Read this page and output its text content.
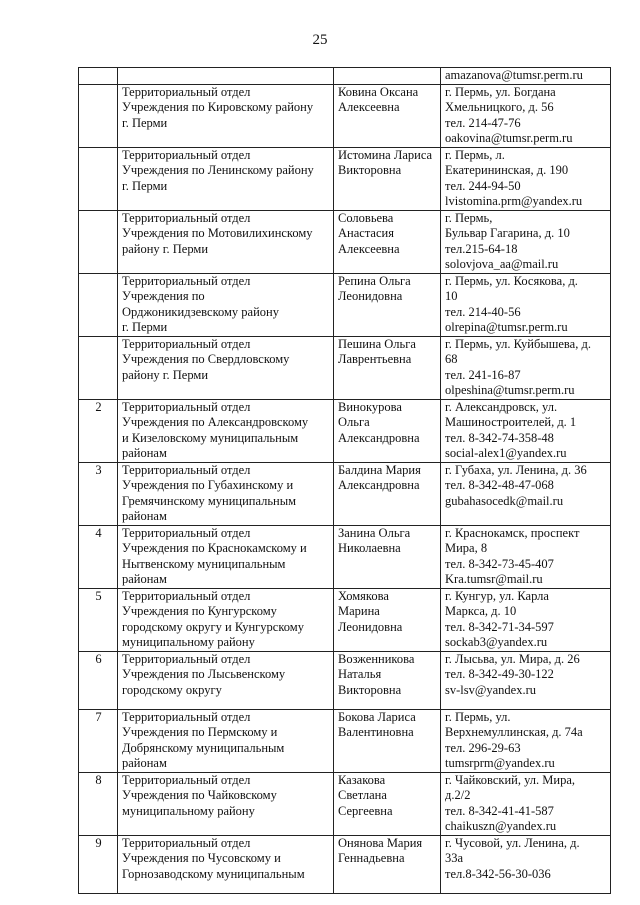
25

			amazanova@tumsr.perm.ru

	Территориальный отдел
Учреждения по Кировскому району
г. Перми	Ковина Оксана
Алексеевна	г. Пермь, ул. Богдана
Хмельницкого, д. 56
тел. 214-47-76
oakovina@tumsr.perm.ru

	Территориальный отдел
Учреждения по Ленинскому району
г. Перми	Истомина Лариса
Викторовна	г. Пермь, л.
Екатерининская, д. 190
тел. 244-94-50
lvistomina.prm@yandex.ru

	Территориальный отдел
Учреждения по Мотовилихинскому
району г. Перми	Соловьева
Анастасия
Алексеевна	г. Пермь,
Бульвар Гагарина, д. 10
тел.215-64-18
solovjova_aa@mail.ru

	Территориальный отдел
Учреждения по
Орджоникидзевскому району
г. Перми	Репина Ольга
Леонидовна	г. Пермь, ул. Косякова, д.
10
тел. 214-40-56
olrepina@tumsr.perm.ru

	Территориальный отдел
Учреждения по Свердловскому
району г. Перми	Пешина Ольга
Лаврентьевна	г. Пермь, ул. Куйбышева, д.
68
тел. 241-16-87
olpeshina@tumsr.perm.ru

2	Территориальный отдел
Учреждения по Александровскому
и Кизеловскому муниципальным
районам	Винокурова
Ольга
Александровна	г. Александровск, ул.
Машиностроителей, д. 1
тел. 8-342-74-358-48
social-alex1@yandex.ru

3	Территориальный отдел
Учреждения по Губахинскому и
Гремячинскому муниципальным
районам	Балдина Мария
Александровна	г. Губаха, ул. Ленина, д. 36
тел. 8-342-48-47-068
gubahasocedk@mail.ru

4	Территориальный отдел
Учреждения по Краснокамскому и
Нытвенскому муниципальным
районам	Занина Ольга
Николаевна	г. Краснокамск, проспект
Мира, 8
тел. 8-342-73-45-407
Kra.tumsr@mail.ru

5	Территориальный отдел
Учреждения по Кунгурскому
городскому округу и Кунгурскому
муниципальному району	Хомякова
Марина
Леонидовна	г. Кунгур, ул. Карла
Маркса, д. 10
тел. 8-342-71-34-597
sockab3@yandex.ru

6	Территориальный отдел
Учреждения по Лысьвенскому
городскому округу	Возженникова
Наталья
Викторовна	г. Лысьва, ул. Мира, д. 26
тел. 8-342-49-30-122
sv-lsv@yandex.ru

7	Территориальный отдел
Учреждения по Пермскому и
Добрянскому муниципальным
районам	Бокова Лариса
Валентиновна	г. Пермь, ул.
Верхнемуллинская, д. 74а
тел. 296-29-63
tumsrprm@yandex.ru

8	Территориальный отдел
Учреждения по Чайковскому
муниципальному району	Казакова
Светлана
Сергеевна	г. Чайковский, ул. Мира,
д.2/2
тел. 8-342-41-41-587
chaikuszn@yandex.ru

9	Территориальный отдел
Учреждения по Чусовскому и
Горнозаводскому муниципальным	Онянова Мария
Геннадьевна	г. Чусовой, ул. Ленина, д.
33а
тел.8-342-56-30-036
